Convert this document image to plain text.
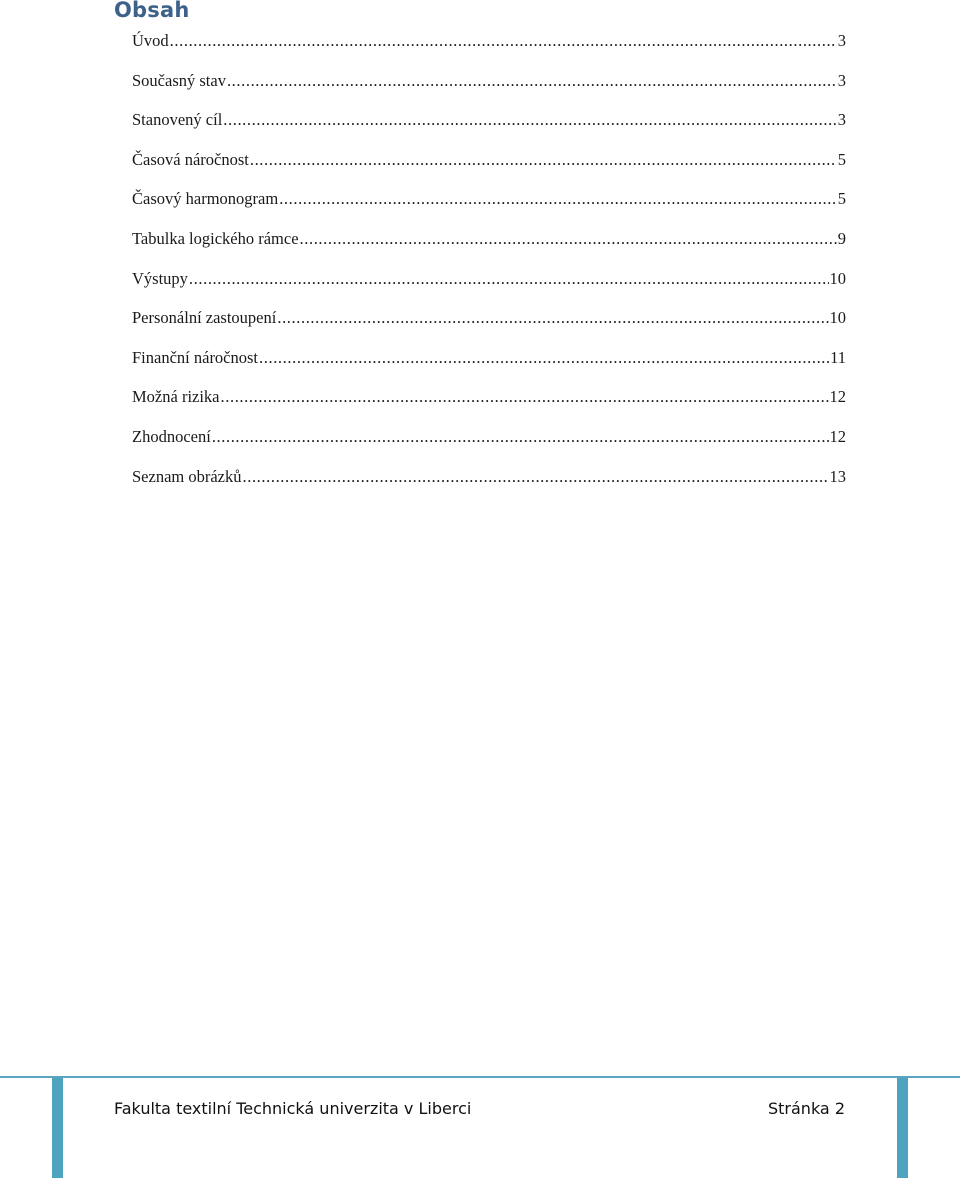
Obsah
Úvod .....	3
Současný stav .....	3
Stanovený cíl .....	3
Časová náročnost .....	5
Časový harmonogram .....	5
Tabulka logického rámce .....	9
Výstupy .....	10
Personální zastoupení .....	10
Finanční náročnost .....	11
Možná rizika .....	12
Zhodnocení .....	12
Seznam obrázků .....	13
Fakulta textilní Technická univerzita v Liberci	Stránka 2
